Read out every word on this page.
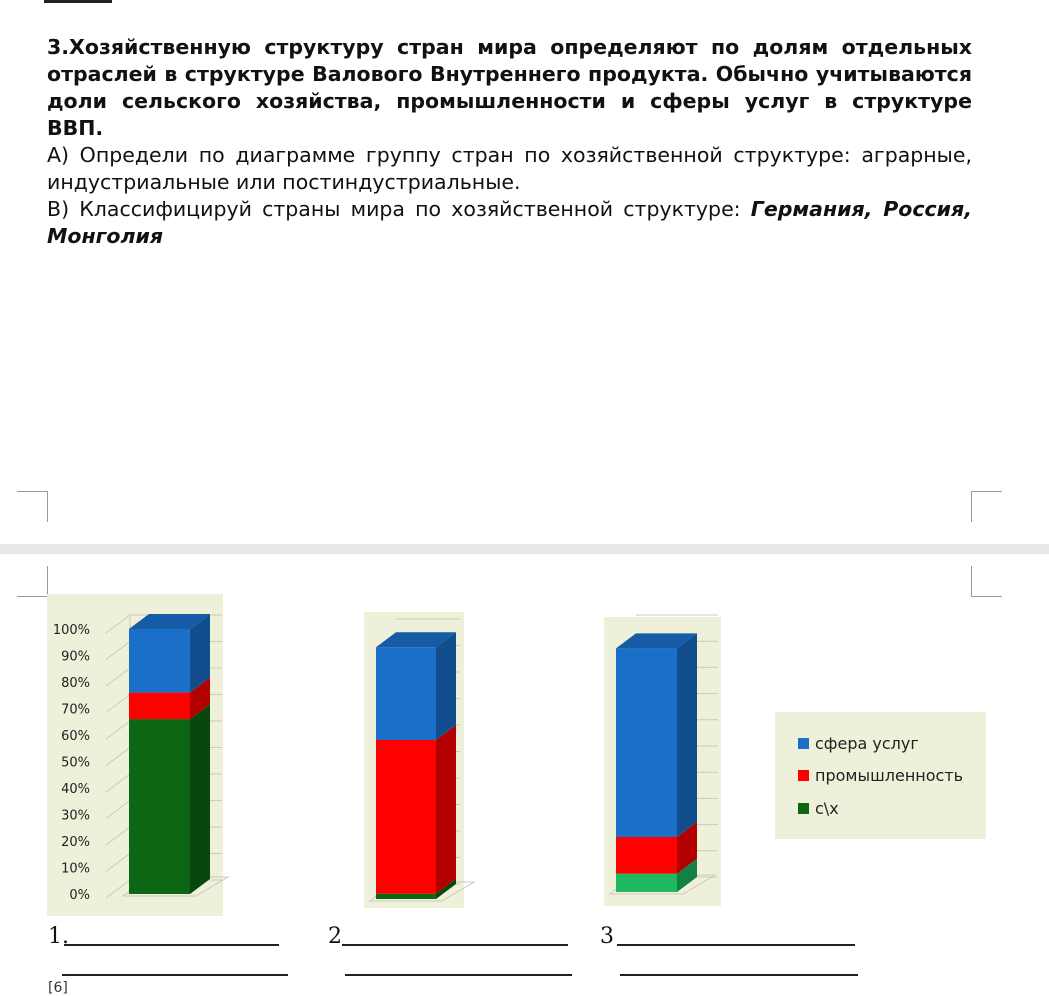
3.Хозяйственную структуру стран мира определяют по долям отдельных отраслей в структуре Валового Внутреннего продукта. Обычно учитываются доли сельского хозяйства, промышленности и сферы услуг в структуре ВВП.

А) Определи по диаграмме группу стран по хозяйственной структуре: аграрные, индустриальные или постиндустриальные.

В) Классифицируй страны мира по хозяйственной структуре: Германия, Россия, Монголия

0%
10%
20%
30%
40%
50%
60%
70%
80%
90%
100%
сфера услуг
промышленность
с\х
1.	2	3
[6]
